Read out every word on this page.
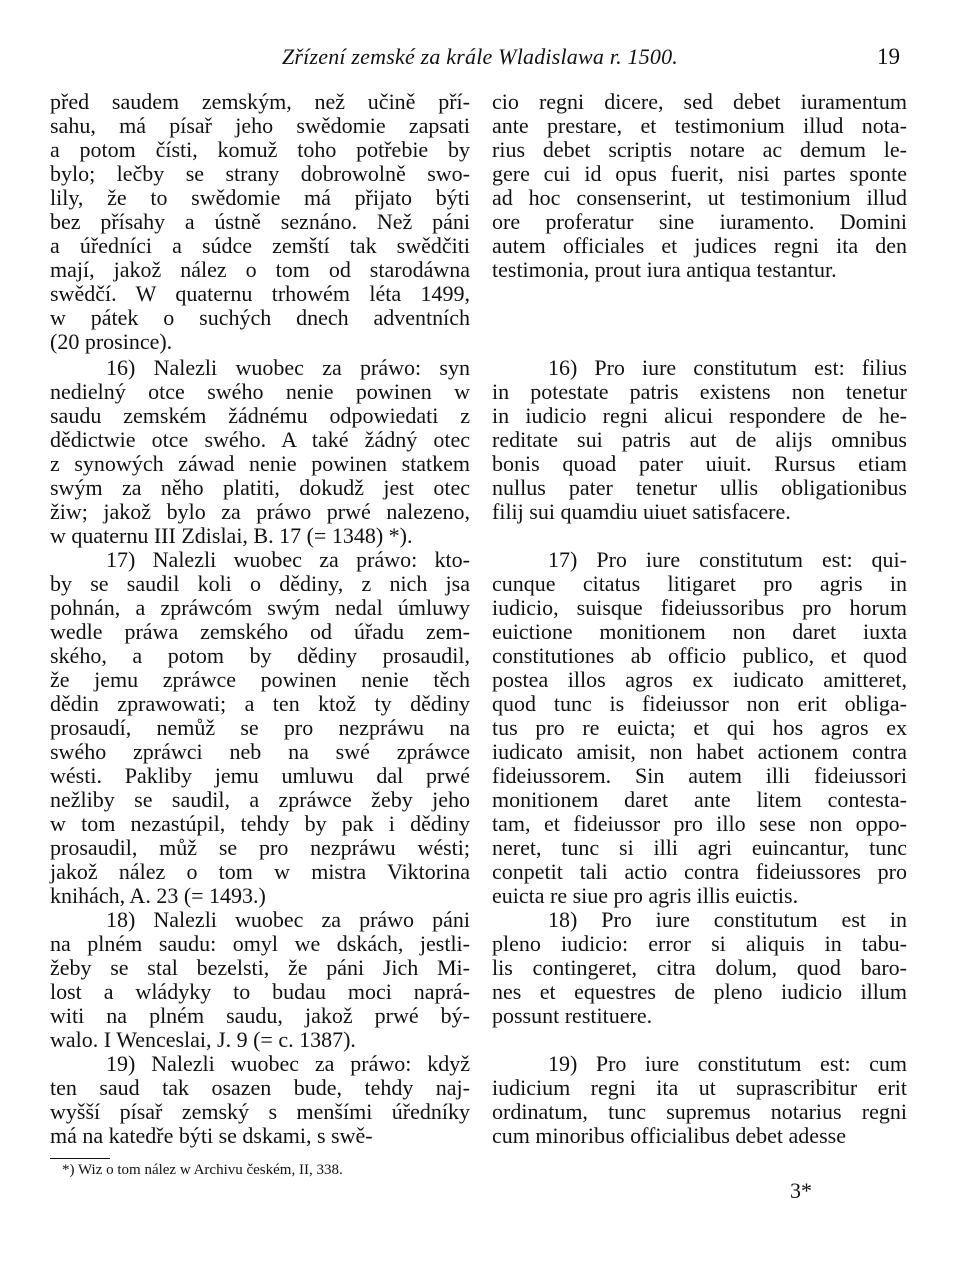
Zřízení zemské za krále Wladislawa r. 1500.	19
před saudem zemským, než učině pří-
sahu, má písař jeho swědomie zapsati
a potom čísti, komuž toho potřebie by
bylo; lečby se strany dobrowolně swo-
lily, že to swědomie má přijato býti
bez přísahy a ústně seznáno. Než páni
a úředníci a súdce zemští tak swědčiti
mají, jakož nález o tom od starodáwna
swědčí. W quaternu trhowém léta 1499,
w pátek o suchých dnech adventních
(20 prosince).
16) Nalezli wuobec za práwo: syn
nedielný otce swého nenie powinen w
saudu zemském žádnému odpowiedati z
dědictwie otce swého. A také žádný otec
z synowých záwad nenie powinen statkem
swým za něho platiti, dokudž jest otec
žiw; jakož bylo za práwo prwé nalezeno,
w quaternu III Zdislai, B. 17 (= 1348) *).
17) Nalezli wuobec za práwo: kto-
by se saudil koli o dědiny, z nich jsa
pohnán, a zpráwcóm swým nedal úmluwy
wedle práwa zemského od úřadu zem-
ského, a potom by dědiny prosaudil,
že jemu zpráwce powinen nenie těch
dědin zprawowati; a ten ktož ty dědiny
prosaudí, nemůž se pro nezpráwu na
swého zpráwci neb na swé zpráwce
wésti. Pakliby jemu umluwu dal prwé
nežliby se saudil, a zpráwce žeby jeho
w tom nezastúpil, tehdy by pak i dědiny
prosaudil, můž se pro nezpráwu wésti;
jakož nález o tom w mistra Viktorina
knihách, A. 23 (= 1493.)
18) Nalezli wuobec za práwo páni
na plném saudu: omyl we dskách, jestli-
žeby se stal bezelsti, že páni Jich Mi-
lost a wládyky to budau moci naprá-
witi na plném saudu, jakož prwé bý-
walo. I Wenceslai, J. 9 (= c. 1387).
19) Nalezli wuobec za práwo: když
ten saud tak osazen bude, tehdy naj-
wyšší písař zemský s menšími úředníky
má na katedře býti se dskami, s swě-
cio regni dicere, sed debet iuramentum
ante prestare, et testimonium illud nota-
rius debet scriptis notare ac demum le-
gere cui id opus fuerit, nisi partes sponte
ad hoc consenserint, ut testimonium illud
ore proferatur sine iuramento. Domini
autem officiales et judices regni ita den
testimonia, prout iura antiqua testantur.
16) Pro iure constitutum est: filius
in potestate patris existens non tenetur
in iudicio regni alicui respondere de he-
reditate sui patris aut de alijs omnibus
bonis quoad pater uiuit. Rursus etiam
nullus pater tenetur ullis obligationibus
filij sui quamdiu uiuet satisfacere.
17) Pro iure constitutum est: qui-
cunque citatus litigaret pro agris in
iudicio, suisque fideiussoribus pro horum
euictione monitionem non daret iuxta
constitutiones ab officio publico, et quod
postea illos agros ex iudicato amitteret,
quod tunc is fideiussor non erit obliga-
tus pro re euicta; et qui hos agros ex
iudicato amisit, non habet actionem contra
fideiussorem. Sin autem illi fideiussori
monitionem daret ante litem contesta-
tam, et fideiussor pro illo sese non oppo-
neret, tunc si illi agri euincantur, tunc
conpetit tali actio contra fideiussores pro
euicta re siue pro agris illis euictis.
18) Pro iure constitutum est in
pleno iudicio: error si aliquis in tabu-
lis contingeret, citra dolum, quod baro-
nes et equestres de pleno iudicio illum
possunt restituere.
19) Pro iure constitutum est: cum
iudicium regni ita ut suprascribitur erit
ordinatum, tunc supremus notarius regni
cum minoribus officialibus debet adesse
*) Wiz o tom nález w Archivu českém, II, 338.
3*
